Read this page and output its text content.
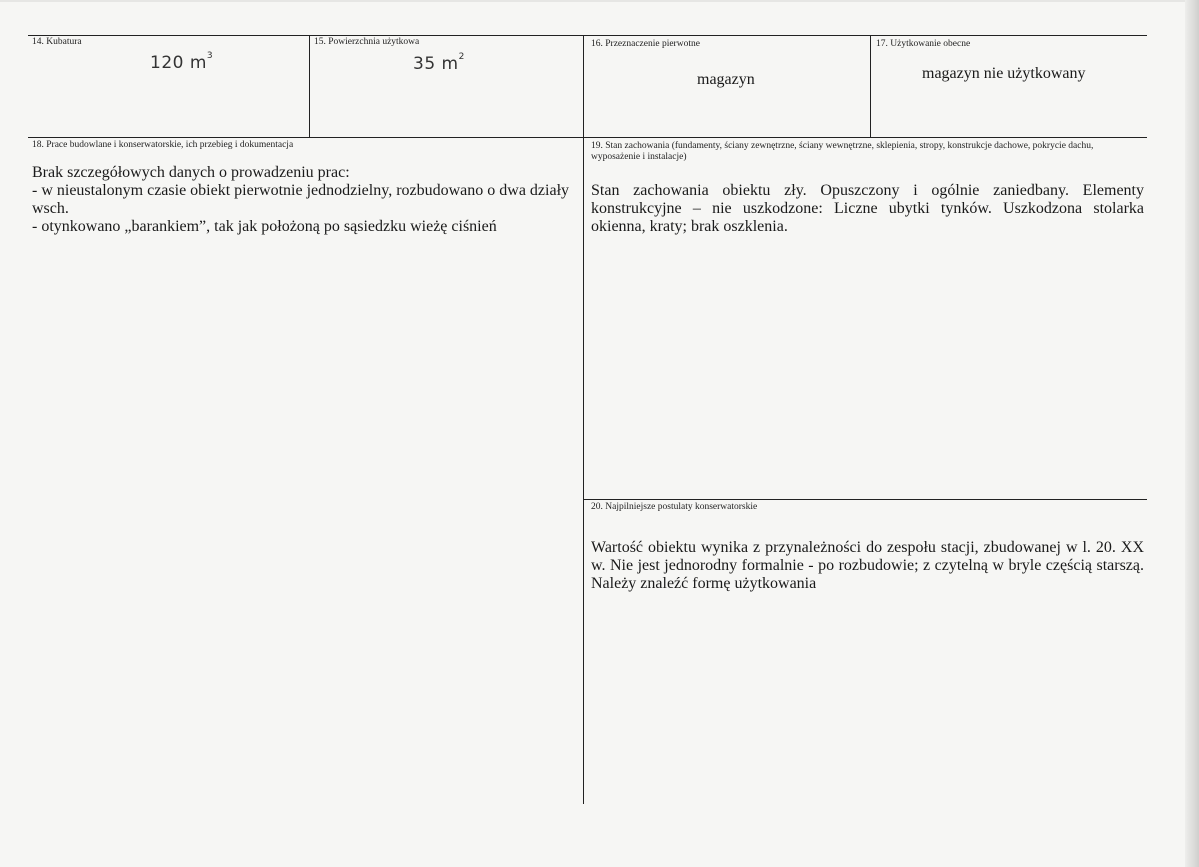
14. Kubatura
120 $m^3$
15. Powierzchnia użytkowa
35 $m^2$
16. Przeznaczenie pierwotne
magazyn
17. Użytkowanie obecne
magazyn nie użytkowany
18. Prace budowlane i konserwatorskie, ich przebieg i dokumentacja
Brak szczegółowych danych o prowadzeniu prac:
- w nieustalonym czasie obiekt pierwotnie jednodzielny, rozbudowano o dwa działy wsch.
- otynkowano „barankiem”, tak jak położoną po sąsiedzku wieżę ciśnień
19. Stan zachowania (fundamenty, ściany zewnętrzne, ściany wewnętrzne, sklepienia, stropy, konstrukcje dachowe, pokrycie dachu, wyposażenie i instalacje)
Stan zachowania obiektu zły. Opuszczony i ogólnie zaniedbany. Elementy konstrukcyjne – nie uszkodzone: Liczne ubytki tynków. Uszkodzona stolarka okienna, kraty; brak oszklenia.
20. Najpilniejsze postulaty konserwatorskie
Wartość obiektu wynika z przynależności do zespołu stacji, zbudowanej w l. 20. XX w. Nie jest jednorodny formalnie - po rozbudowie; z czytelną w bryle częścią starszą. Należy znaleźć formę użytkowania
